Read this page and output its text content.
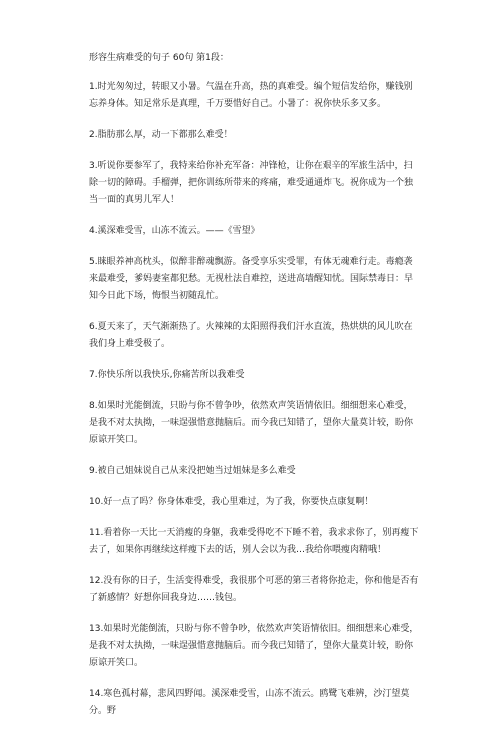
形容生病难受的句子 60句 第1段：
1.时光匆匆过，转眼又小暑。气温在升高，热的真难受。编个短信发给你，赚钱别忘养身体。知足常乐是真理，千万要惜好自己。小暑了：祝你快乐多又多。
2.脂肪那么厚，动一下都那么难受！
3.听说你要参军了，我特来给你补充军备：冲锋枪，让你在艰辛的军旅生活中，扫除一切的障碍。手榴弹，把你训练所带来的疼痛，难受通通炸飞。祝你成为一个独当一面的真男儿军人！
4.溪深难受雪，山冻不流云。——《雪望》
5.睐眼养神高枕头，似醉非醉魂飘游。备受享乐实受罪，有体无魂难行走。毒瘾袭来最难受，爹妈妻室都犯愁。无视杜法自难控，送进高墙醒知忧。国际禁毒日：早知今日此下场，悔恨当初随乱忙。
6.夏天来了，天气渐渐热了。火辣辣的太阳照得我们汗水直流，热烘烘的风儿吹在我们身上难受极了。
7.你快乐所以我快乐,你痛苦所以我难受
8.如果时光能倒流，只盼与你不曾争吵，依然欢声笑语情依旧。细细想来心难受，是我不对太执拗，一味逞强惜意抛脑后。而今我已知错了，望你大量莫计较，盼你原谅开笑口。
9.被自己姐妹说自己从来没把她当过姐妹是多么难受
10.好一点了吗？你身体难受，我心里难过，为了我，你要快点康复啊！
11.看着你一天比一天消瘦的身躯，我难受得吃不下睡不着，我求求你了，别再瘦下去了，如果你再继续这样瘦下去的话，别人会以为我…我给你喂瘦肉精哦！
12.没有你的日子，生活变得难受，我很那个可恶的第三者将你抢走，你和他是否有了新感情？好想你回我身边……钱包。
13.如果时光能倒流，只盼与你不曾争吵，依然欢声笑语情依旧。细细想来心难受，是我不对太执拗，一味逞强惜意抛脑后。而今我已知错了，望你大量莫计较，盼你原谅开笑口。
14.寒色孤村幕，悲风四野闻。溪深难受雪，山冻不流云。鸥鹭飞难辨，沙汀望莫分。野
